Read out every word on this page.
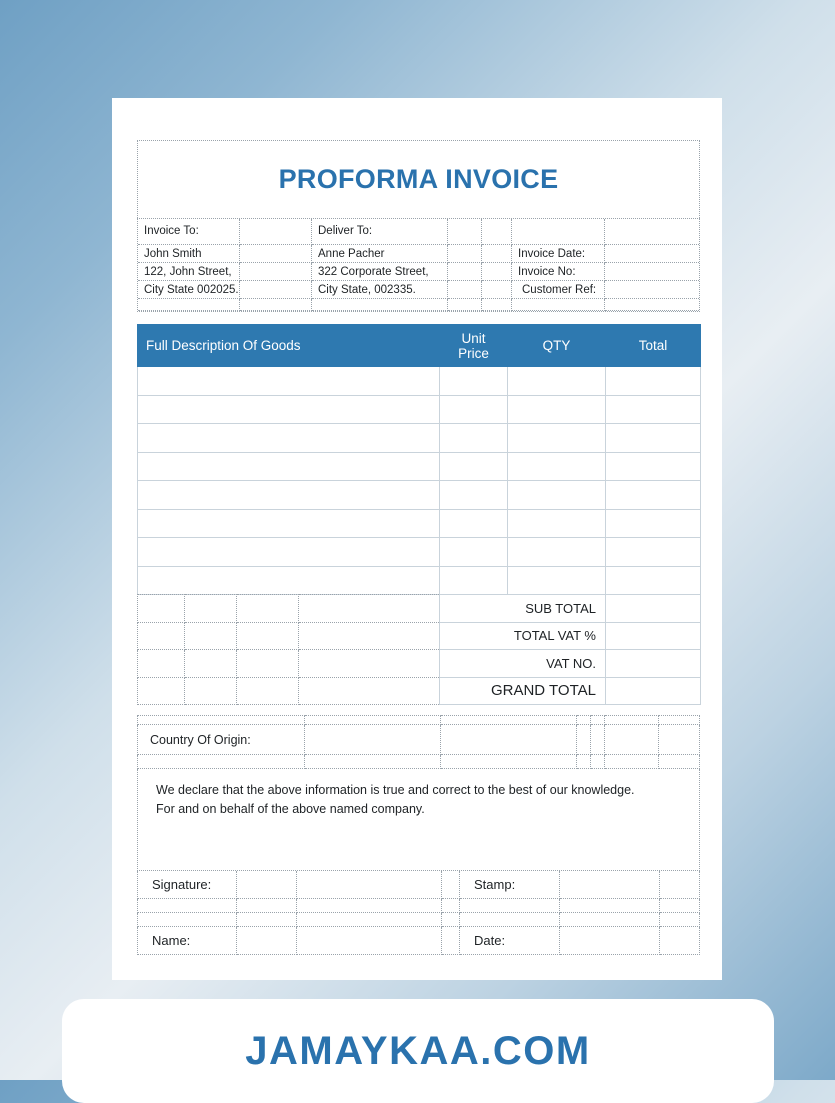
PROFORMA INVOICE
Invoice To:	Deliver To:
John Smith	Anne Pacher	Invoice Date:
122, John Street,	322 Corporate Street,	Invoice No:
City State 002025.	City State, 002335.	Customer Ref:
Full Description Of Goods	Unit Price	QTY	Total

				SUB TOTAL	
				TOTAL VAT %	
				VAT NO.	
				GRAND TOTAL	
Country Of Origin:
We declare that the above information is true and correct to the best of our knowledge.
For and on behalf of the above named company.
Signature:	Stamp:
Name:	Date:
JAMAYKAA.COM
